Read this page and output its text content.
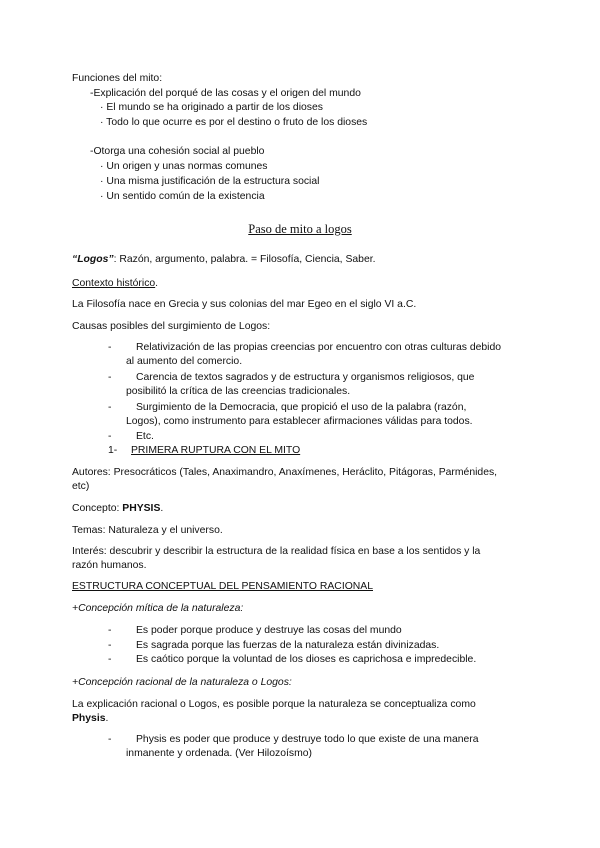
Funciones del mito:
-Explicación del porqué de las cosas y el origen del mundo
· El mundo se ha originado a partir de los dioses
· Todo lo que ocurre es por el destino o fruto de los dioses
-Otorga una cohesión social al pueblo
· Un origen y unas normas comunes
· Una misma justificación de la estructura social
· Un sentido común de la existencia
Paso de mito a logos
“Logos”: Razón, argumento, palabra. = Filosofía, Ciencia, Saber.
Contexto histórico.
La Filosofía nace en Grecia y sus colonias del mar Egeo en el siglo VI a.C.
Causas posibles del surgimiento de Logos:
- Relativización de las propias creencias por encuentro con otras culturas debido
al aumento del comercio.
- Carencia de textos sagrados y de estructura y organismos religiosos, que
posibilitó la crítica de las creencias tradicionales.
- Surgimiento de la Democracia, que propició el uso de la palabra (razón,
Logos), como instrumento para establecer afirmaciones válidas para todos.
- Etc.
1- PRIMERA RUPTURA CON EL MITO
Autores: Presocráticos (Tales, Anaximandro, Anaxímenes, Heráclito, Pitágoras, Parménides,
etc)
Concepto: PHYSIS.
Temas: Naturaleza y el universo.
Interés: descubrir y describir la estructura de la realidad física en base a los sentidos y la
razón humanos.
ESTRUCTURA CONCEPTUAL DEL PENSAMIENTO RACIONAL
+Concepción mítica de la naturaleza:
- Es poder porque produce y destruye las cosas del mundo
- Es sagrada porque las fuerzas de la naturaleza están divinizadas.
- Es caótico porque la voluntad de los dioses es caprichosa e impredecible.
+Concepción racional de la naturaleza o Logos:
La explicación racional o Logos, es posible porque la naturaleza se conceptualiza como
Physis.
- Physis es poder que produce y destruye todo lo que existe de una manera
inmanente y ordenada. (Ver Hilozoísmo)
